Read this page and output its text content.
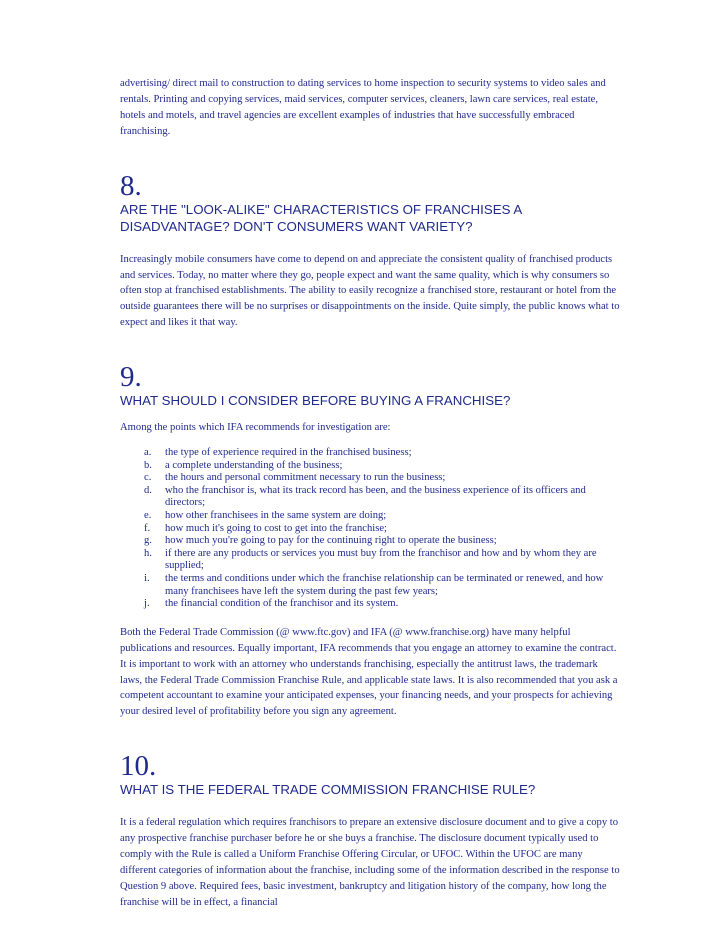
advertising/ direct mail to construction to dating services to home inspection to security systems to video sales and rentals. Printing and copying services, maid services, computer services, cleaners, lawn care services, real estate, hotels and motels, and travel agencies are excellent examples of industries that have successfully embraced franchising.

8.
ARE THE "LOOK-ALIKE" CHARACTERISTICS OF FRANCHISES A DISADVANTAGE? DON'T CONSUMERS WANT VARIETY?

Increasingly mobile consumers have come to depend on and appreciate the consistent quality of franchised products and services. Today, no matter where they go, people expect and want the same quality, which is why consumers so often stop at franchised establishments. The ability to easily recognize a franchised store, restaurant or hotel from the outside guarantees there will be no surprises or disappointments on the inside. Quite simply, the public knows what to expect and likes it that way.

9.
WHAT SHOULD I CONSIDER BEFORE BUYING A FRANCHISE?

Among the points which IFA recommends for investigation are:

a. the type of experience required in the franchised business;
b. a complete understanding of the business;
c. the hours and personal commitment necessary to run the business;
d. who the franchisor is, what its track record has been, and the business experience of its officers and directors;
e. how other franchisees in the same system are doing;
f. how much it's going to cost to get into the franchise;
g. how much you're going to pay for the continuing right to operate the business;
h. if there are any products or services you must buy from the franchisor and how and by whom they are supplied;
i. the terms and conditions under which the franchise relationship can be terminated or renewed, and how many franchisees have left the system during the past few years;
j. the financial condition of the franchisor and its system.

Both the Federal Trade Commission (@ www.ftc.gov) and IFA (@ www.franchise.org) have many helpful publications and resources. Equally important, IFA recommends that you engage an attorney to examine the contract. It is important to work with an attorney who understands franchising, especially the antitrust laws, the trademark laws, the Federal Trade Commission Franchise Rule, and applicable state laws. It is also recommended that you ask a competent accountant to examine your anticipated expenses, your financing needs, and your prospects for achieving your desired level of profitability before you sign any agreement.

10.
WHAT IS THE FEDERAL TRADE COMMISSION FRANCHISE RULE?

It is a federal regulation which requires franchisors to prepare an extensive disclosure document and to give a copy to any prospective franchise purchaser before he or she buys a franchise. The disclosure document typically used to comply with the Rule is called a Uniform Franchise Offering Circular, or UFOC. Within the UFOC are many different categories of information about the franchise, including some of the information described in the response to Question 9 above. Required fees, basic investment, bankruptcy and litigation history of the company, how long the franchise will be in effect, a financial
